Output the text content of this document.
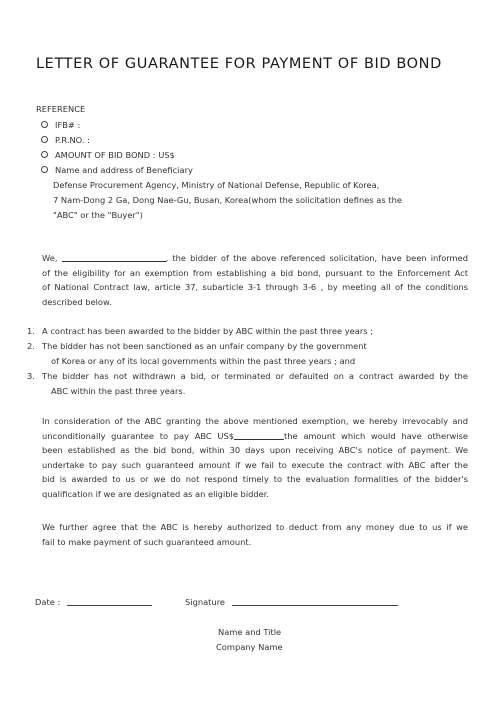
LETTER OF GUARANTEE FOR PAYMENT OF BID BOND
REFERENCE
IFB# :
P.R.NO. :
AMOUNT OF BID BOND : US$
Name and address of Beneficiary
Defense Procurement Agency, Ministry of National Defense, Republic of Korea,
7 Nam-Dong 2 Ga, Dong Nae-Gu, Busan, Korea(whom the solicitation defines as the
"ABC" or the "Buyer")
We,	, the bidder of the above referenced solicitation, have been informed
of the eligibility for an exemption from establishing a bid bond, pursuant to the Enforcement Act
of National Contract law, article 37, subarticle 3-1 through 3-6 , by meeting all of the conditions
described below.
1. A contract has been awarded to the bidder by ABC within the past three years ;
2. The bidder has not been sanctioned as an unfair company by the government
of Korea or any of its local governments within the past three years ; and
3. The bidder has not withdrawn a bid, or terminated or defaulted on a contract awarded by the
ABC within the past three years.
In consideration of the ABC granting the above mentioned exemption, we hereby irrevocably and
unconditionally guarantee to pay ABC US$	the amount which would have otherwise
been established as the bid bond, within 30 days upon receiving ABC's notice of payment. We
undertake to pay such guaranteed amount if we fail to execute the contract with ABC after the
bid is awarded to us or we do not respond timely to the evaluation formalities of the bidder's
qualification if we are designated as an eligible bidder.
We further agree that the ABC is hereby authorized to deduct from any money due to us if we
fail to make payment of such guaranteed amount.
Date :	Signature
Name and Title
Company Name
